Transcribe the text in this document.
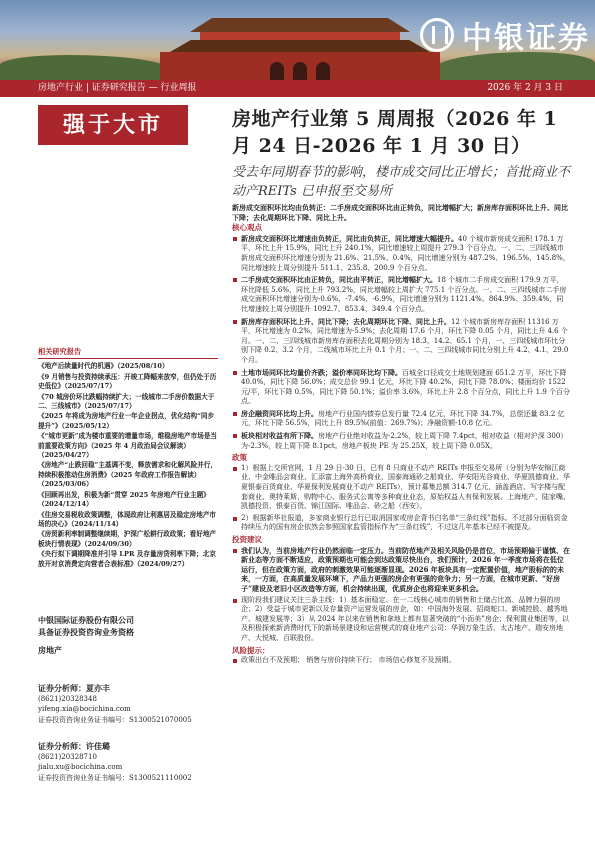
中银证券
房地产行业 | 证券研究报告 — 行业周报	2026 年 2 月 3 日
强于大市	房地产行业第 5 周周报（2026 年 1 月 24 日-2026 年 1 月 30 日）
受去年同期春节的影响，楼市成交同比正增长；首批商业不动产REITs 已申报至交易所

新房成交面积环比均由负转正：二手房成交面积环比由正转负，同比增幅扩大；新房库存面积环比上升、同比下降；去化周期环比下降、同比上升。

核心观点
新房成交面积环比增速由负转正，同比由负转正，同比增速大幅提升。40 个城市新房成交面积 178.1 万平，环比上升 15.9%，同比上升 240.1%，同比增速较上周提升 279.3 个百分点。一、二、三四线城市新房成交面积环比增速分别为 21.6%、21.5%、0.4%，同比增速分别为 487.2%、196.5%、145.8%，同比增速较上周分别提升 511.1、235.8、200.9 个百分点。
二手房成交面积环比由正转负，同比由平转正，同比增幅扩大。18 个城市二手房成交面积 179.9 万平，环比降低 5.6%，同比上升 793.2%，同比增幅较上周扩大 775.1 个百分点。一、二、三四线城市二手房成交面积环比增速分别为-0.6%、-7.4%、-6.9%，同比增速分别为 1121.4%、864.9%、359.4%，同比增速较上周分别提升 1092.7、853.4、349.4 个百分点。
新房库存面积环比上升、同比下降；去化周期环比下降、同比上升。12 个城市新房库存面积 11316 万平，环比增速为 0.2%，同比增速为-5.9%；去化周期 17.6 个月，环比下降 0.05 个月，同比上升 4.6 个月。一、二、三四线城市新房库存面积去化周期分别为 18.3、14.2、65.1 个月，一、三四线城市环比分别下降 0.2、3.2 个月，二线城市环比上升 0.1 个月；一、二、三四线城市同比分别上升 4.2、4.1、29.0 个月。
土地市场同环比均量价齐跌；溢价率同环比均下降。百城全口径成交土地规划建面 651.2 万平，环比下降 40.0%，同比下降 56.0%；成交总价 99.1 亿元，环比下降 40.2%，同比下降 78.0%；楼面均价 1522 元/平，环比下降 0.5%，同比下降 50.1%；溢价率 3.6%，环比上升 2.8 个百分点，同比上升 1.9 个百分点。
房企融资同环比均上升。房地产行业国内债券总发行量 72.4 亿元，环比下降 34.7%，总偿还量 83.2 亿元，环比下降 56.5%，同比上升 89.5%(前值：269.7%)；净融资额-10.8 亿元。
板块相对收益有所下降。房地产行业绝对收益为-2.2%，较上周下降 7.4pct，相对收益（相对沪深 300）为-2.3%，较上周下降 8.1pct。房地产板块 PE 为 25.25X，较上周下降 0.05X。
政策
1）根据上交所官网，1 月 29 日-30 日，已有 8 只商业不动产 REITs 申报至交易所（分别为华安锦江商业、中金唯品会商业、汇添富上海外高桥商业、国泰海通砂之船商业、华安阳光谷商业、华夏凯德商业、华夏银泰百货商业、华夏保利发展商业不动产 REITs），预计募集总额 314.7 亿元，涵盖酒店、写字楼与配套商业、奥特莱斯、购物中心、服务式公寓等多种商业业态，原始权益人有保利发展、上海地产、陆家嘴、凯德投资、银泰百货、锦江国际、唯品会、砂之船（西安）。
2）根据新华社报道，多家商业银行总行已取消国家或房企背书白名单“三条红线”指标。不过部分面临资金持续压力的国有房企依然会参照国家监管指标作为“三条红线”，不过这几年基本已经不被提及。
投资建议
我们认为，当前房地产行业仍然面临一定压力。当前防范地产及相关风险仍是首位，市场预期偏于谨慎、在新业态等方面不断适应，政策预期也可能会到达政策尽快出台，我们预计，2026 年一季度市场将在低位运行，但在政策方面，政府的刺激效果可能逐渐显现。2026 年板块具有一定配置价值，地产股标的的未来，一方面，在高质量发展环境下，产品力更强的房企有更强的竞争力；另一方面，在城市更新、“好房子”建设及老旧小区改造等方面，机会持续出现，优质房企也将迎来更多机会。
现阶段我们建议关注三条主线：1）基本面稳定、在一二线核心城市的销售和土储占比高、品牌力强的房企；2）受益于城市更新以及存量资产运营发展的房企，如：中国海外发展、招商蛇口、新城控股、越秀地产、城建发展等；3）从 2024 年以来在销售和拿地上都有显著突破的“小而美”房企；保利置业集团等，以及积极探索新消费时代下的新场景建设和运营模式的商业地产公司：华润万象生活、太古地产、瑞安房地产、大悦城、百联股份。
风险提示：
政策出台不及预期； 销售与房价持续下行； 市场信心修复不及预期。
相关研究报告

《地产后续量时代的机遇》（2025/08/10）

《9 月销售与投资持续承压：开竣工降幅来放窄，但仍处于历史低位》（2025/07/17）

《70 城房价环比跌幅持续扩大；一线城市二手房价数据大于二、三线城市》（2025/07/17）

《2025 年将成为房地产行业一年企业拐点，优化结构“同步提升”》（2025/05/12）

《“城市更新”成为楼市重要的增量市场，维稳房地产市场是当前重要政策方向》（2025 年 4 月政治局会议解读）（2025/04/27）

《房地产“止跌回稳”主基调不变，释放需求和化解风险并行，持续积极推动住房消费》（2025 年政府工作报告解读）（2025/03/06）

《回顾再出发，积极为新“贯穿 2025 年房地产行业主题》（2024/12/14）

《住房交易税收政策调整，体现政府让利惠居及稳定房地产市场的决心》（2024/11/14）

《房贸新利率制调整继续期，沪深广松耕行政政策；看好地产板块行情表现》（2024/09/30）

《央行拟下调期降准并引导 LPR 及存量房贷利率下降；北京放开对京消费定向营者合表标准》（2024/09/27）

中银国际证券股份有限公司
具备证券投资咨询业务资格
房地产
证券分析师：夏亦丰
(8621)20328348
yifeng.xia@bocichina.com
证券投资咨询业务证书编号：S1300521070005
证券分析师：许佳璐
(8621)20328710
jialu.xu@bocichina.com
证券投资咨询业务证书编号：S1300521110002
